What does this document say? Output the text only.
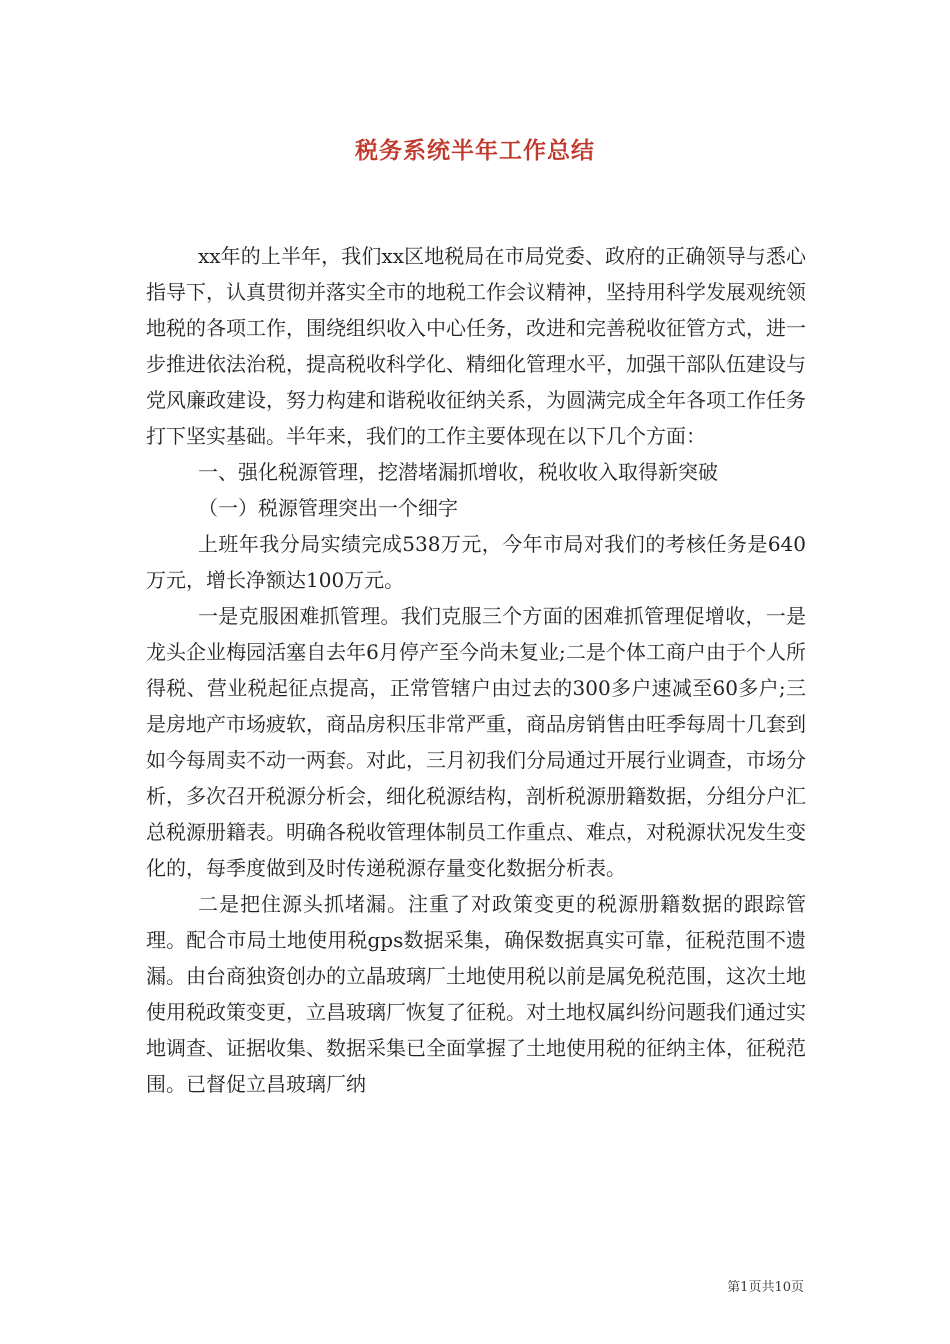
税务系统半年工作总结

xx年的上半年，我们xx区地税局在市局党委、政府的正确领导与悉心指导下，认真贯彻并落实全市的地税工作会议精神，坚持用科学发展观统领地税的各项工作，围绕组织收入中心任务，改进和完善税收征管方式，进一步推进依法治税，提高税收科学化、精细化管理水平，加强干部队伍建设与党风廉政建设，努力构建和谐税收征纳关系，为圆满完成全年各项工作任务打下坚实基础。半年来，我们的工作主要体现在以下几个方面：

一、强化税源管理，挖潜堵漏抓增收，税收收入取得新突破

（一）税源管理突出一个细字

上班年我分局实绩完成538万元，今年市局对我们的考核任务是640万元，增长净额达100万元。

一是克服困难抓管理。我们克服三个方面的困难抓管理促增收，一是龙头企业梅园活塞自去年6月停产至今尚未复业;二是个体工商户由于个人所得税、营业税起征点提高，正常管辖户由过去的300多户速减至60多户;三是房地产市场疲软，商品房积压非常严重，商品房销售由旺季每周十几套到如今每周卖不动一两套。对此，三月初我们分局通过开展行业调查，市场分析，多次召开税源分析会，细化税源结构，剖析税源册籍数据，分组分户汇总税源册籍表。明确各税收管理体制员工作重点、难点，对税源状况发生变化的，每季度做到及时传递税源存量变化数据分析表。

二是把住源头抓堵漏。注重了对政策变更的税源册籍数据的跟踪管理。配合市局土地使用税gps数据采集，确保数据真实可靠，征税范围不遗漏。由台商独资创办的立晶玻璃厂土地使用税以前是属免税范围，这次土地使用税政策变更，立昌玻璃厂恢复了征税。对土地权属纠纷问题我们通过实地调查、证据收集、数据采集已全面掌握了土地使用税的征纳主体，征税范围。已督促立昌玻璃厂纳

第1页共10页
